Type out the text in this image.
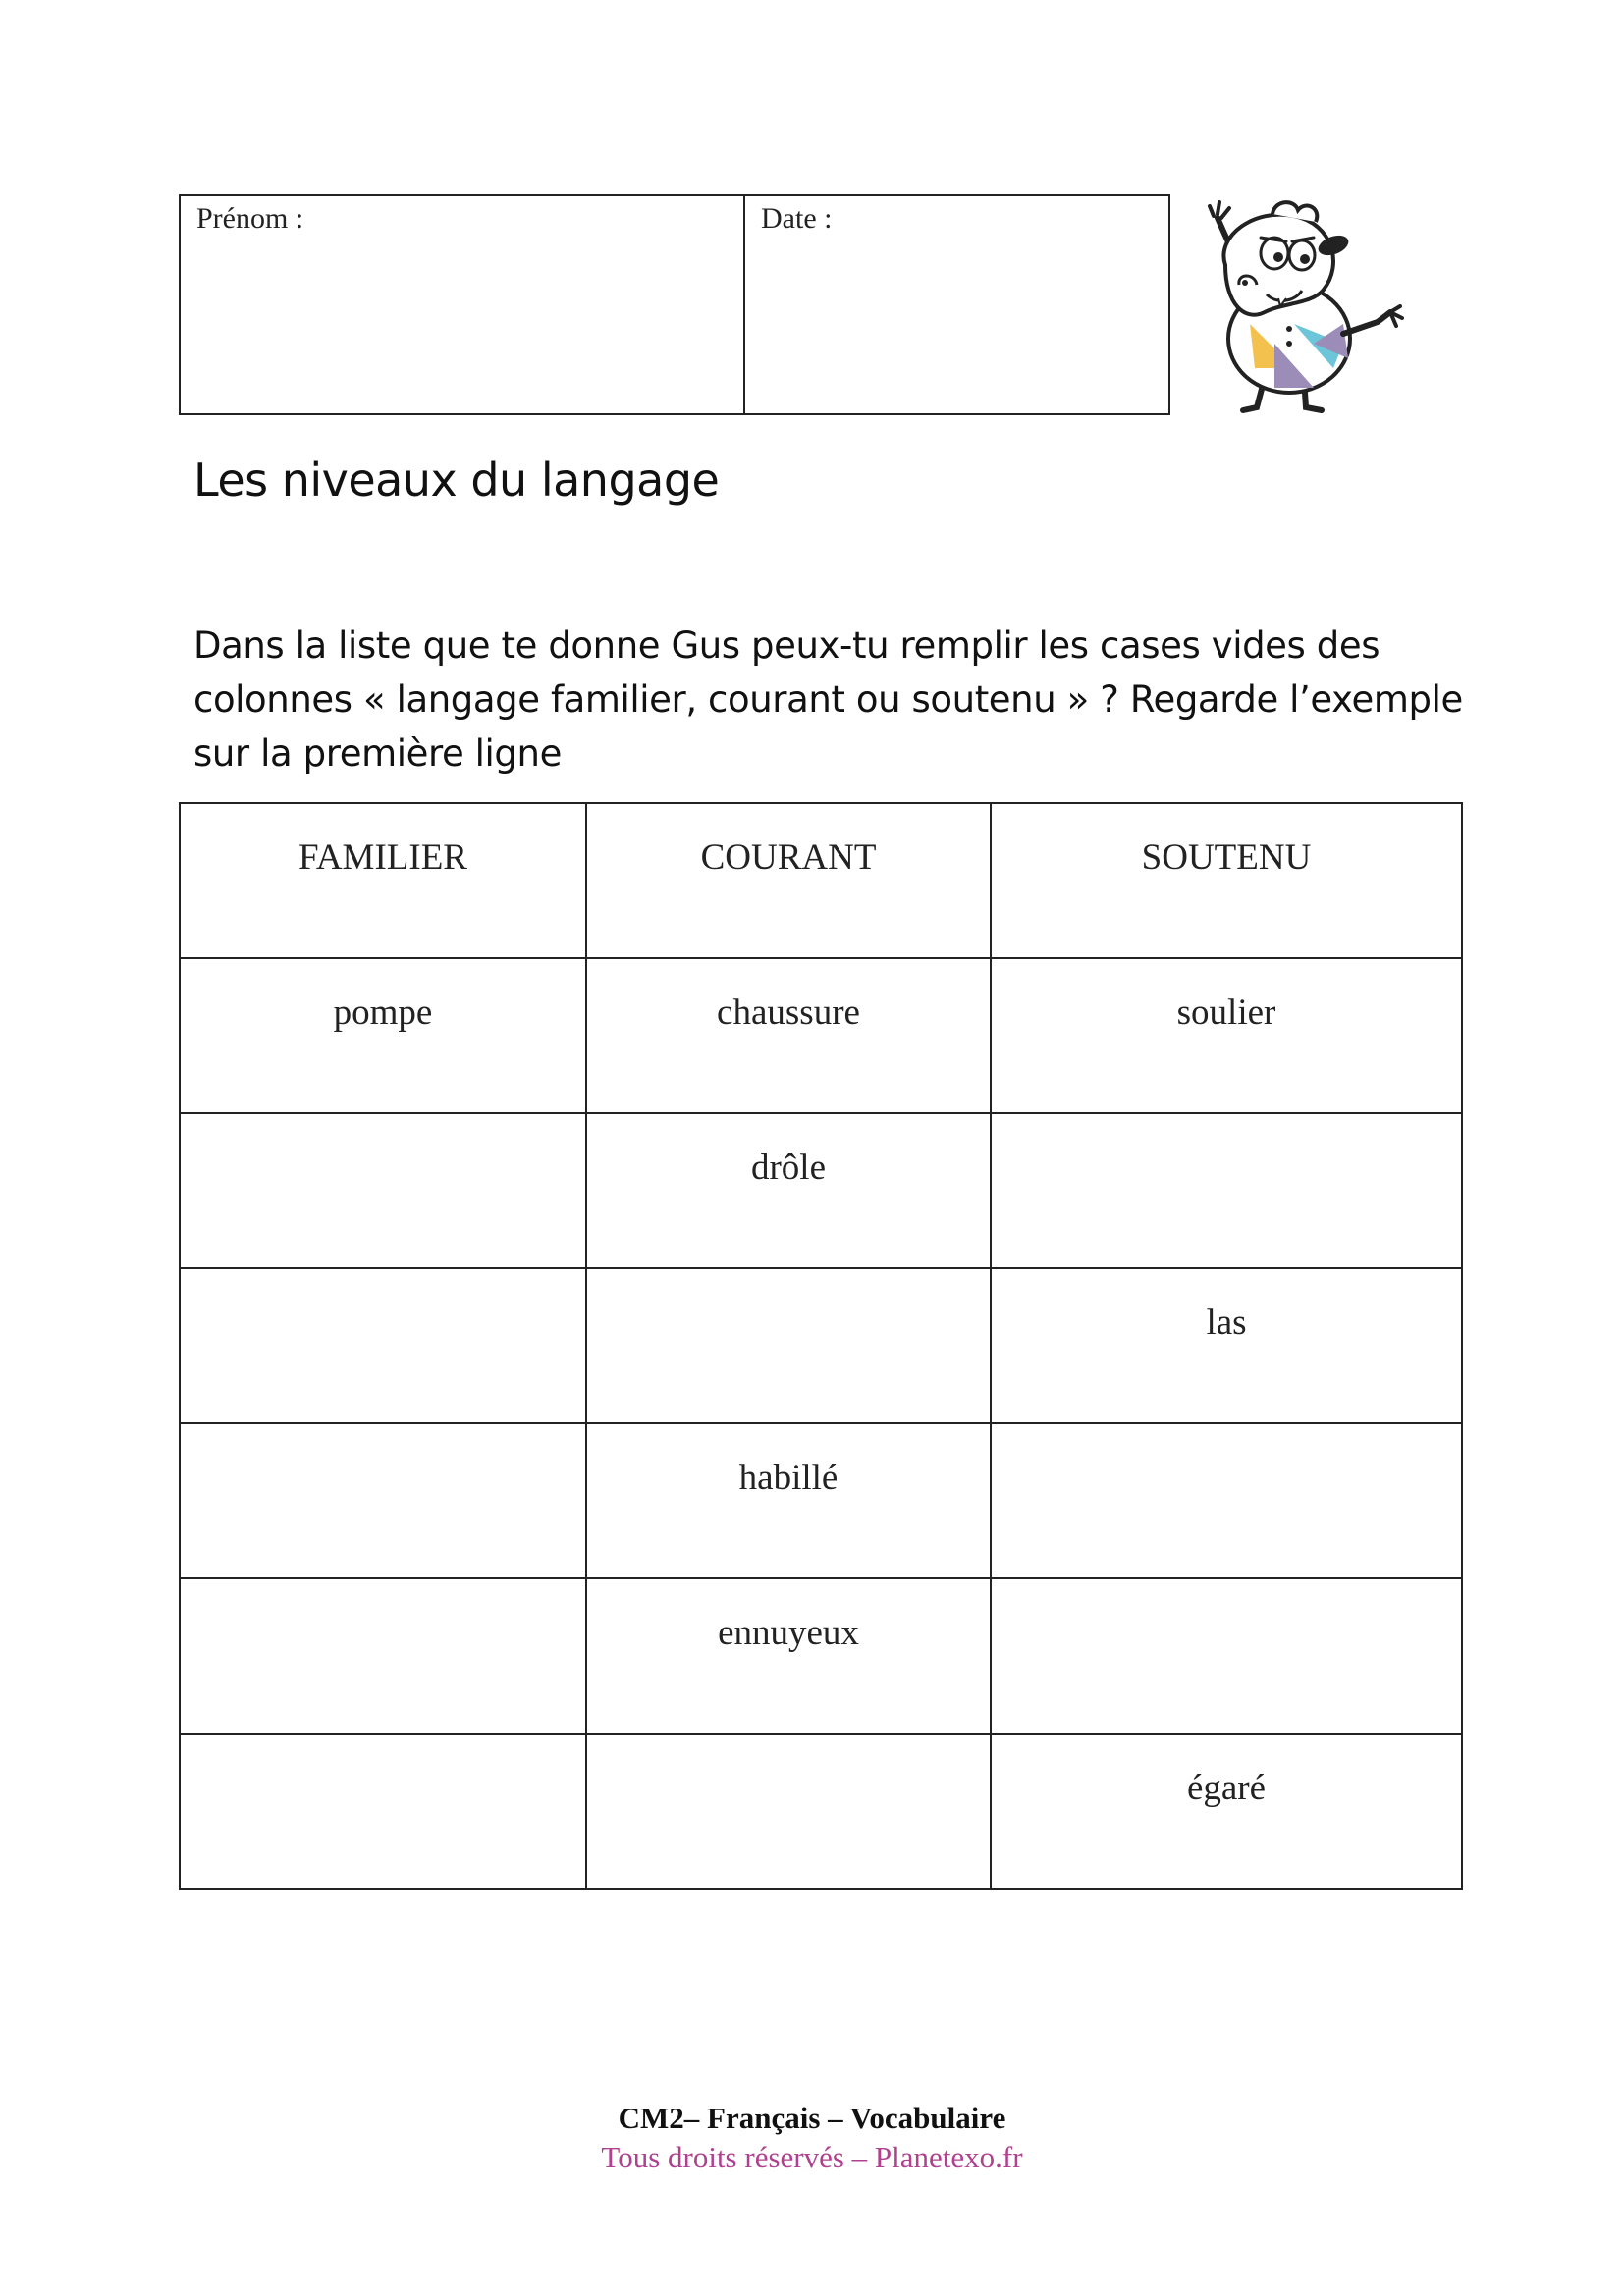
Prénom :	Date :
Les niveaux du langage

Dans la liste que te donne Gus peux-tu remplir les cases vides des colonnes « langage familier, courant ou soutenu » ? Regarde l’exemple sur la première ligne

FAMILIER	COURANT	SOUTENU
pompe	chaussure	soulier
	drôle	
		las
	habillé	
	ennuyeux	
		égaré
CM2– Français – Vocabulaire
Tous droits réservés – Planetexo.fr
